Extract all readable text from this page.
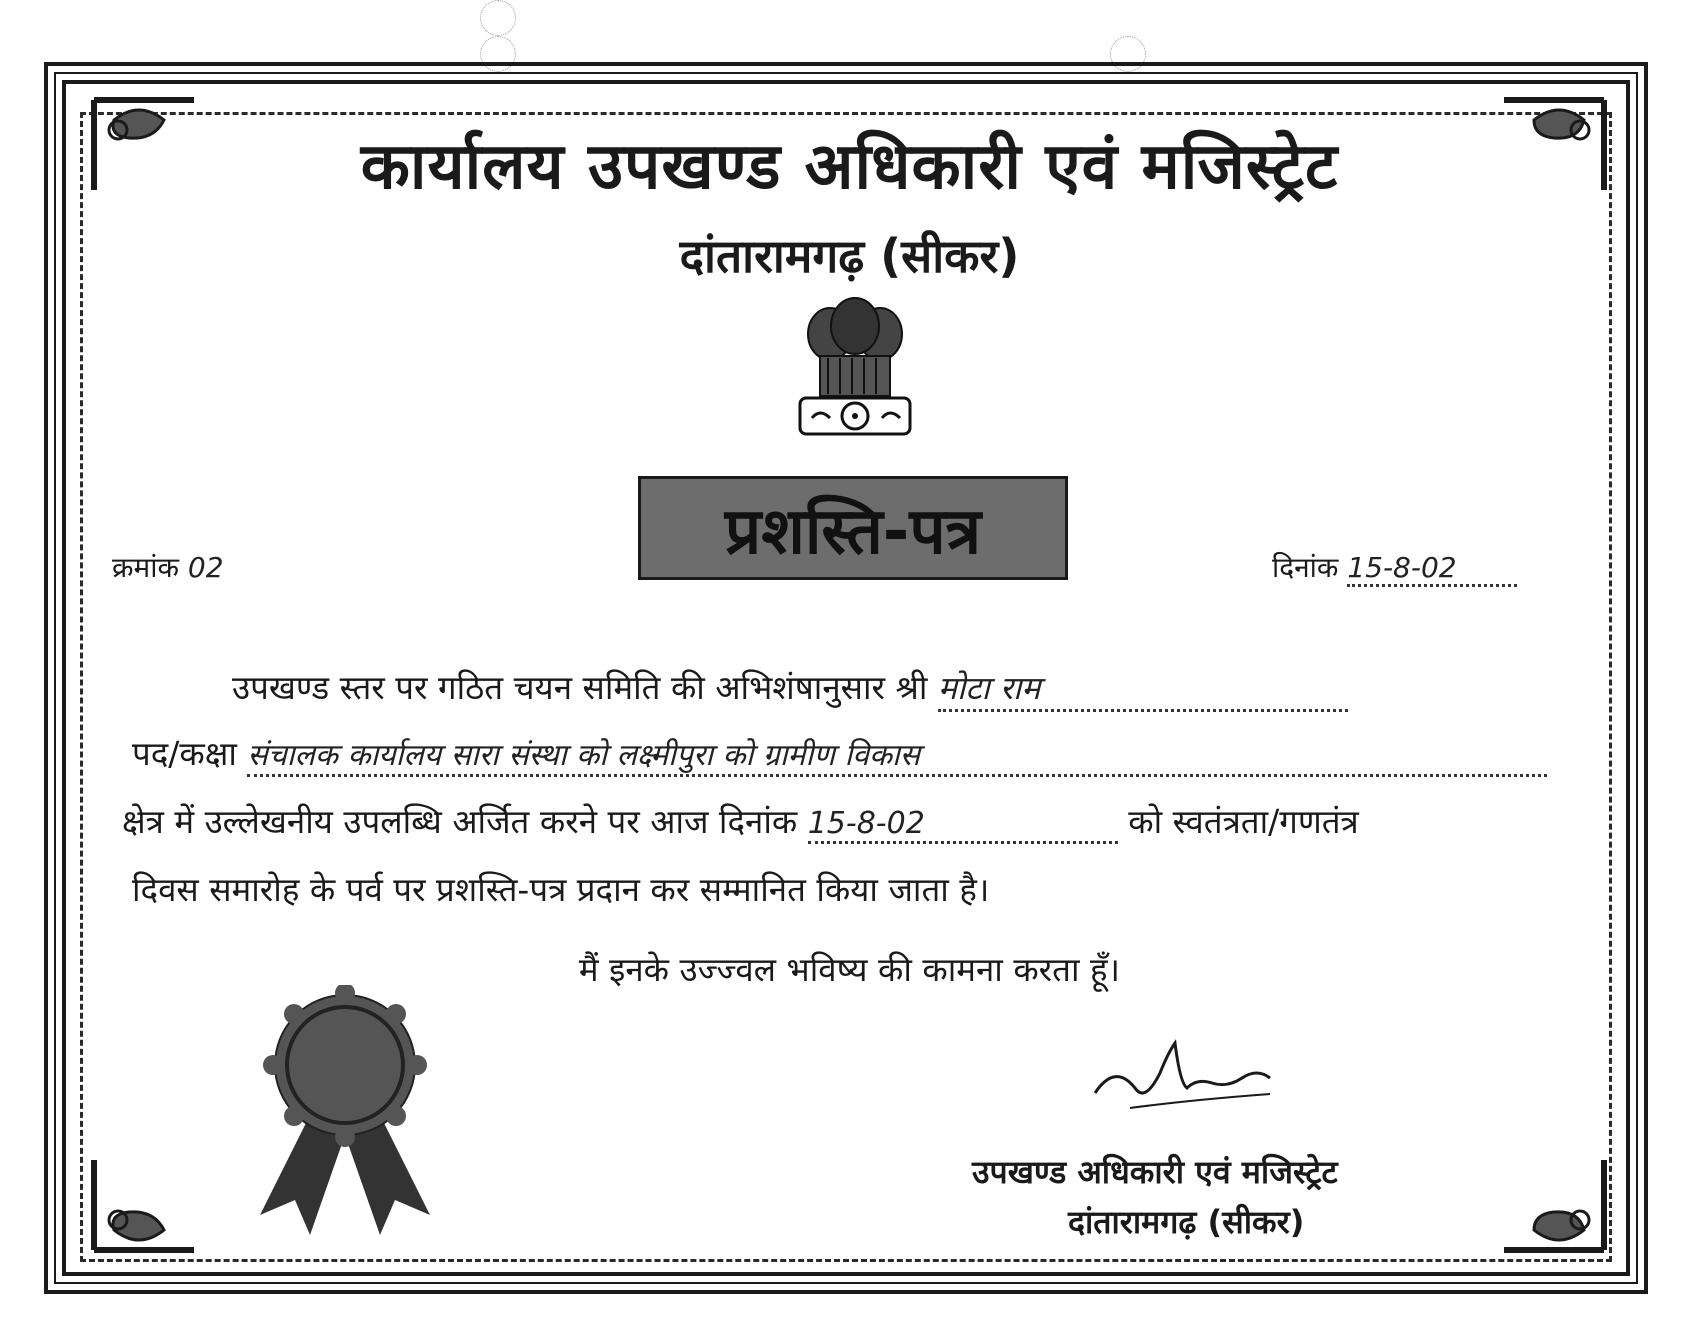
कार्यालय उपखण्ड अधिकारी एवं मजिस्ट्रेट
दांतारामगढ़ (सीकर)
प्रशस्ति-पत्र
क्रमांक 02	दिनांक 15-8-02
उपखण्ड स्तर पर गठित चयन समिति की अभिशंषानुसार श्री मोटा राम
पद/कक्षा संचालक कार्यालय सारा संस्था को लक्ष्मीपुरा को ग्रामीण विकास
क्षेत्र में उल्लेखनीय उपलब्धि अर्जित करने पर आज दिनांक 15-8-02	को स्वतंत्रता/गणतंत्र
दिवस समारोह के पर्व पर प्रशस्ति-पत्र प्रदान कर सम्मानित किया जाता है।
मैं इनके उज्ज्वल भविष्य की कामना करता हूँ।
उपखण्ड अधिकारी एवं मजिस्ट्रेट
दांतारामगढ़ (सीकर)
